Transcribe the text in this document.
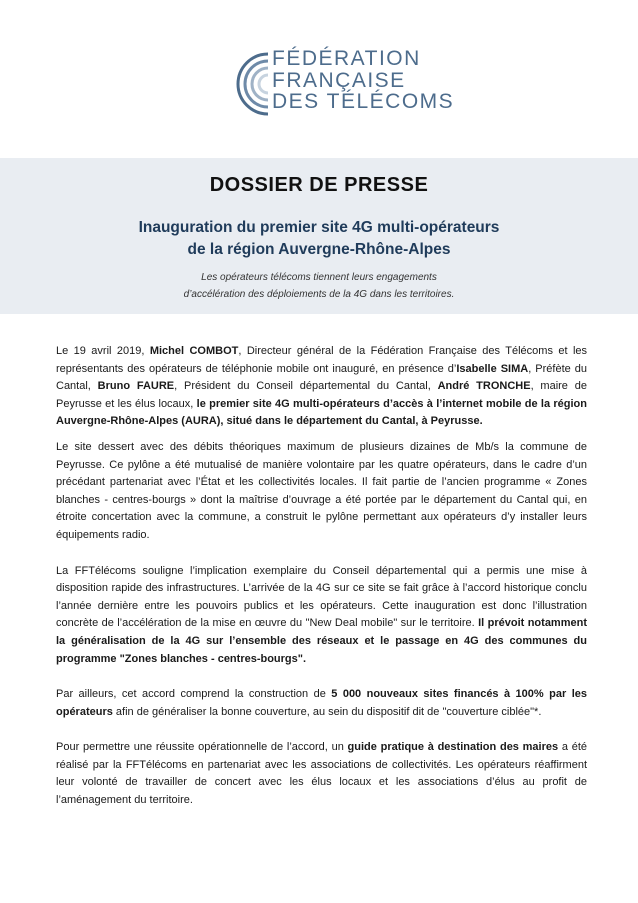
FÉDÉRATION
FRANÇAISE
DES TÉLÉCOMS
DOSSIER DE PRESSE
Inauguration du premier site 4G multi-opérateurs
de la région Auvergne-Rhône-Alpes
Les opérateurs télécoms tiennent leurs engagements
d’accélération des déploiements de la 4G dans les territoires.

Le 19 avril 2019, Michel COMBOT, Directeur général de la Fédération Française des Télécoms et les représentants des opérateurs de téléphonie mobile ont inauguré, en présence d’Isabelle SIMA, Préfète du Cantal, Bruno FAURE, Président du Conseil départemental du Cantal, André TRONCHE, maire de Peyrusse et les élus locaux, le premier site 4G multi-opérateurs d’accès à l’internet mobile de la région Auvergne-Rhône-Alpes (AURA), situé dans le département du Cantal, à Peyrusse.

Le site dessert avec des débits théoriques maximum de plusieurs dizaines de Mb/s la commune de Peyrusse. Ce pylône a été mutualisé de manière volontaire par les quatre opérateurs, dans le cadre d’un précédant partenariat avec l’État et les collectivités locales. Il fait partie de l’ancien programme « Zones blanches - centres-bourgs » dont la maîtrise d’ouvrage a été portée par le département du Cantal qui, en étroite concertation avec la commune, a construit le pylône permettant aux opérateurs d’y installer leurs équipements radio.

La FFTélécoms souligne l’implication exemplaire du Conseil départemental qui a permis une mise à disposition rapide des infrastructures. L’arrivée de la 4G sur ce site se fait grâce à l’accord historique conclu l’année dernière entre les pouvoirs publics et les opérateurs. Cette inauguration est donc l’illustration concrète de l’accélération de la mise en œuvre du "New Deal mobile" sur le territoire. Il prévoit notamment la généralisation de la 4G sur l’ensemble des réseaux et le passage en 4G des communes du programme "Zones blanches - centres-bourgs".

Par ailleurs, cet accord comprend la construction de 5 000 nouveaux sites financés à 100% par les opérateurs afin de généraliser la bonne couverture, au sein du dispositif dit de "couverture ciblée"*.

Pour permettre une réussite opérationnelle de l’accord, un guide pratique à destination des maires a été réalisé par la FFTélécoms en partenariat avec les associations de collectivités. Les opérateurs réaffirment leur volonté de travailler de concert avec les élus locaux et les associations d’élus au profit de l’aménagement du territoire.
